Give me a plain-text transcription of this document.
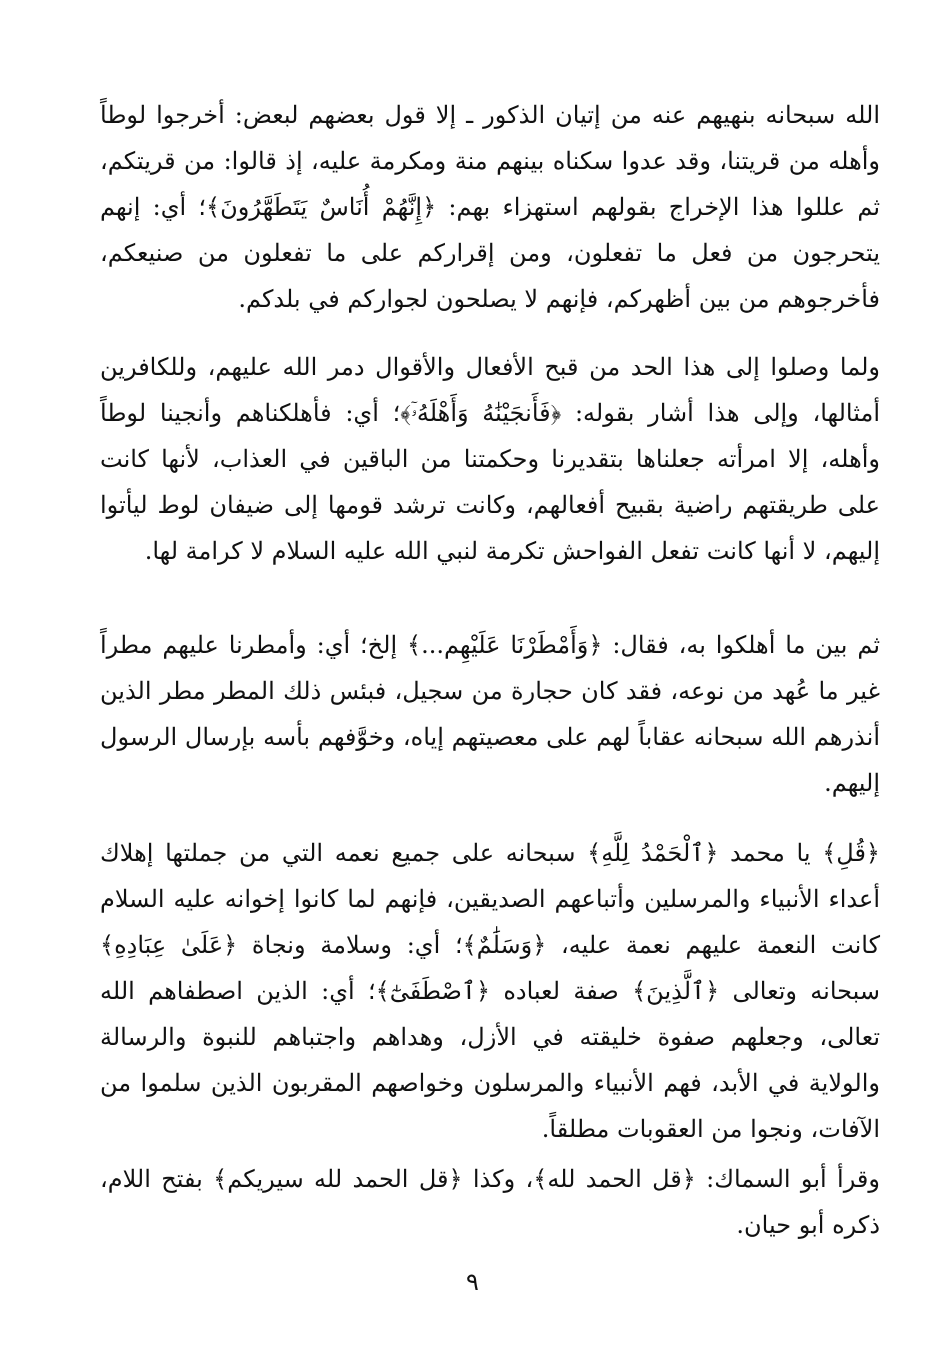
الله سبحانه بنهيهم عنه من إتيان الذكور ـ إلا قول بعضهم لبعض: أخرجوا لوطاً وأهله من قريتنا، وقد عدوا سكناه بينهم منة ومكرمة عليه، إذ قالوا: من قريتكم، ثم عللوا هذا الإخراج بقولهم استهزاء بهم: ﴿إِنَّهُمْ أُنَاسٌ يَتَطَهَّرُونَ﴾؛ أي: إنهم يتحرجون من فعل ما تفعلون، ومن إقراركم على ما تفعلون من صنيعكم، فأخرجوهم من بين أظهركم، فإنهم لا يصلحون لجواركم في بلدكم.

ولما وصلوا إلى هذا الحد من قبح الأفعال والأقوال دمر الله عليهم، وللكافرين أمثالها، وإلى هذا أشار بقوله: ﴿فَأَنجَيْنَٰهُ وَأَهْلَهُۥٓ﴾؛ أي: فأهلكناهم وأنجينا لوطاً وأهله، إلا امرأته جعلناها بتقديرنا وحكمتنا من الباقين في العذاب، لأنها كانت على طريقتهم راضية بقبيح أفعالهم، وكانت ترشد قومها إلى ضيفان لوط ليأتوا إليهم، لا أنها كانت تفعل الفواحش تكرمة لنبي الله عليه السلام لا كرامة لها.

ثم بين ما أهلكوا به، فقال: ﴿وَأَمْطَرْنَا عَلَيْهِم...﴾ إلخ؛ أي: وأمطرنا عليهم مطراً غير ما عُهد من نوعه، فقد كان حجارة من سجيل، فبئس ذلك المطر مطر الذين أنذرهم الله سبحانه عقاباً لهم على معصيتهم إياه، وخوَّفهم بأسه بإرسال الرسول إليهم.

﴿قُلِ﴾ يا محمد ﴿ٱلْحَمْدُ لِلَّهِ﴾ سبحانه على جميع نعمه التي من جملتها إهلاك أعداء الأنبياء والمرسلين وأتباعهم الصديقين، فإنهم لما كانوا إخوانه عليه السلام كانت النعمة عليهم نعمة عليه، ﴿وَسَلَٰمٌ﴾؛ أي: وسلامة ونجاة ﴿عَلَىٰ عِبَادِهِ﴾ سبحانه وتعالى ﴿ٱلَّذِينَ﴾ صفة لعباده ﴿ٱصْطَفَىٰٓ﴾؛ أي: الذين اصطفاهم الله تعالى، وجعلهم صفوة خليقته في الأزل، وهداهم واجتباهم للنبوة والرسالة والولاية في الأبد، فهم الأنبياء والمرسلون وخواصهم المقربون الذين سلموا من الآفات، ونجوا من العقوبات مطلقاً.

وقرأ أبو السماك: ﴿قل الحمد لله﴾، وكذا ﴿قل الحمد لله سيريكم﴾ بفتح اللام، ذكره أبو حيان.

٩
